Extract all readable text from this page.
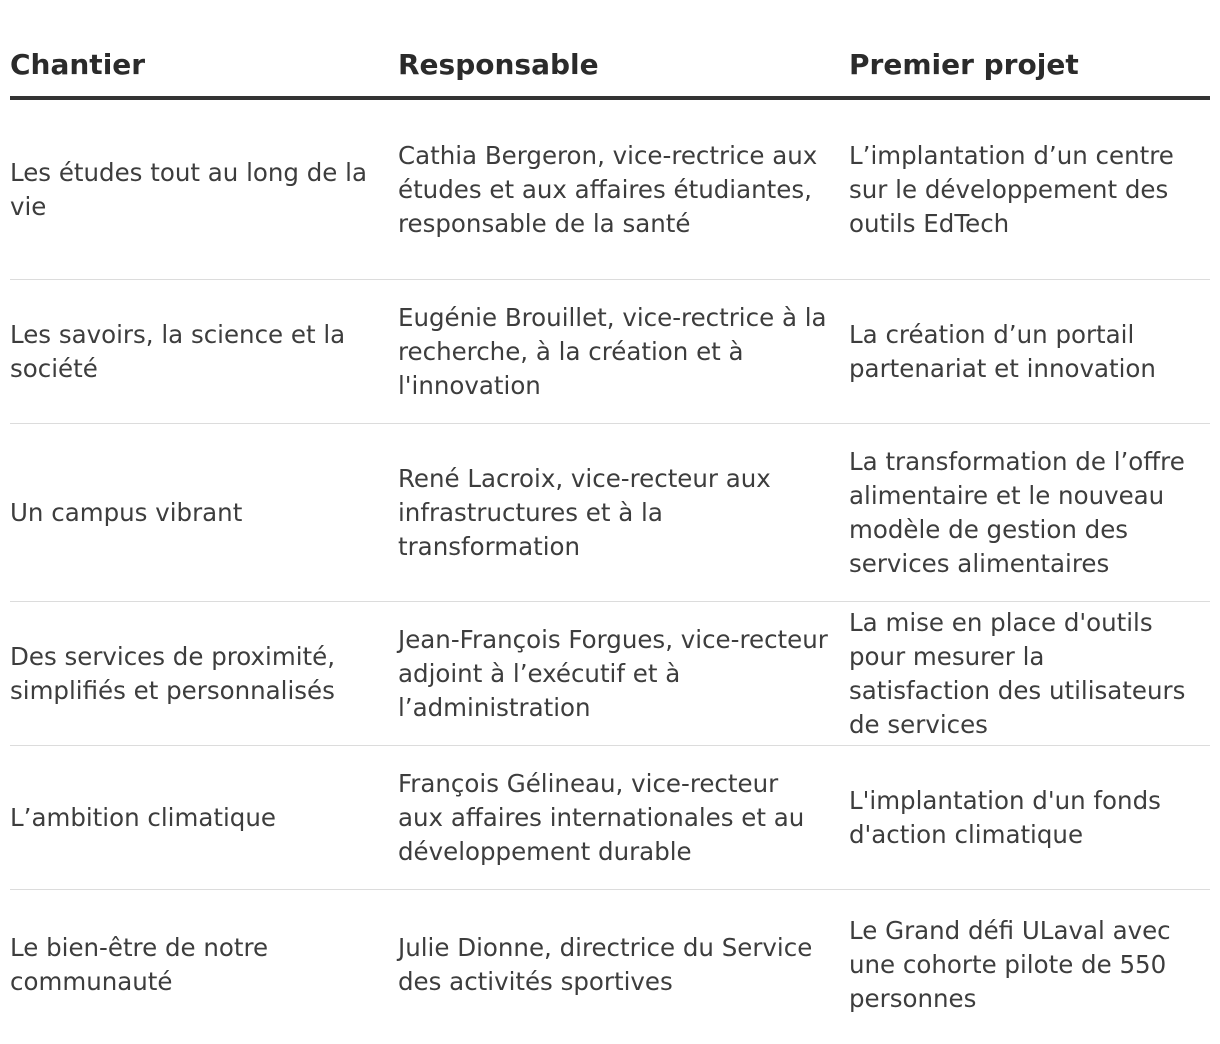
Chantier	Responsable	Premier projet
Les études tout au long de la vie
Cathia Bergeron, vice-rectrice aux études et aux affaires étudiantes, responsable de la santé
L’implantation d’un centre sur le développement des outils EdTech
Les savoirs, la science et la société
Eugénie Brouillet, vice-rectrice à la recherche, à la création et à l'innovation
La création d’un portail partenariat et innovation
Un campus vibrant
René Lacroix, vice-recteur aux infrastructures et à la transformation
La transformation de l’offre alimentaire et le nouveau modèle de gestion des services alimentaires
Des services de proximité, simplifiés et personnalisés
Jean-François Forgues, vice-recteur adjoint à l’exécutif et à l’administration
La mise en place d'outils pour mesurer la satisfaction des utilisateurs de services
L’ambition climatique
François Gélineau, vice-recteur aux affaires internationales et au développement durable
L'implantation d'un fonds d'action climatique
Le bien-être de notre communauté
Julie Dionne, directrice du Service des activités sportives
Le Grand défi ULaval avec une cohorte pilote de 550 personnes
